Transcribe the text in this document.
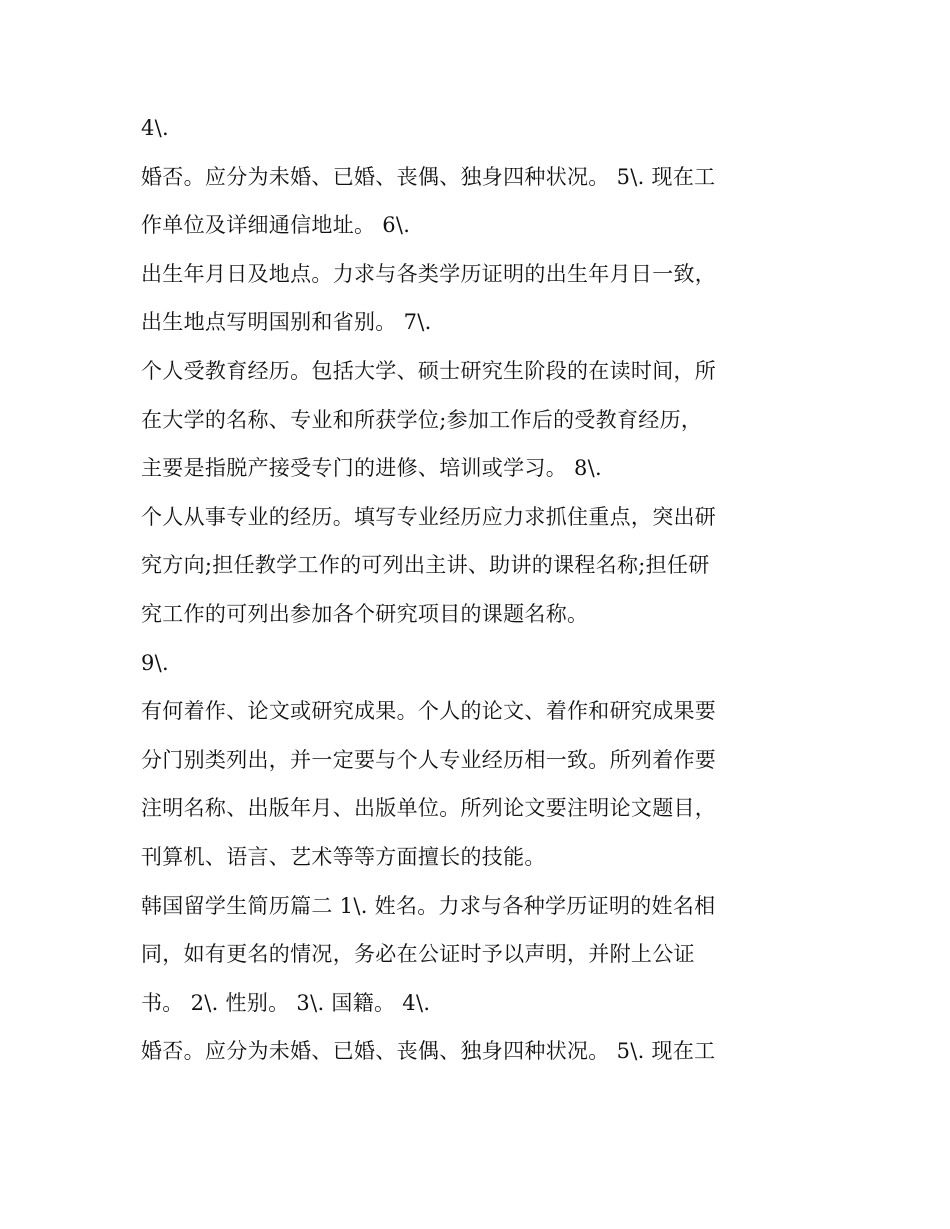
4\.

婚否。应分为未婚、已婚、丧偶、独身四种状况。 5\. 现在工

作单位及详细通信地址。 6\.

出生年月日及地点。力求与各类学历证明的出生年月日一致，

出生地点写明国别和省别。 7\.

个人受教育经历。包括大学、硕士研究生阶段的在读时间，所

在大学的名称、专业和所获学位;参加工作后的受教育经历，

主要是指脱产接受专门的进修、培训或学习。 8\.

个人从事专业的经历。填写专业经历应力求抓住重点，突出研

究方向;担任教学工作的可列出主讲、助讲的课程名称;担任研

究工作的可列出参加各个研究项目的课题名称。

9\.

有何着作、论文或研究成果。个人的论文、着作和研究成果要

分门别类列出，并一定要与个人专业经历相一致。所列着作要

注明名称、出版年月、出版单位。所列论文要注明论文题目，

刊算机、语言、艺术等等方面擅长的技能。

韩国留学生简历篇二 1\. 姓名。力求与各种学历证明的姓名相

同，如有更名的情况，务必在公证时予以声明，并附上公证

书。 2\. 性别。 3\. 国籍。 4\.

婚否。应分为未婚、已婚、丧偶、独身四种状况。 5\. 现在工
